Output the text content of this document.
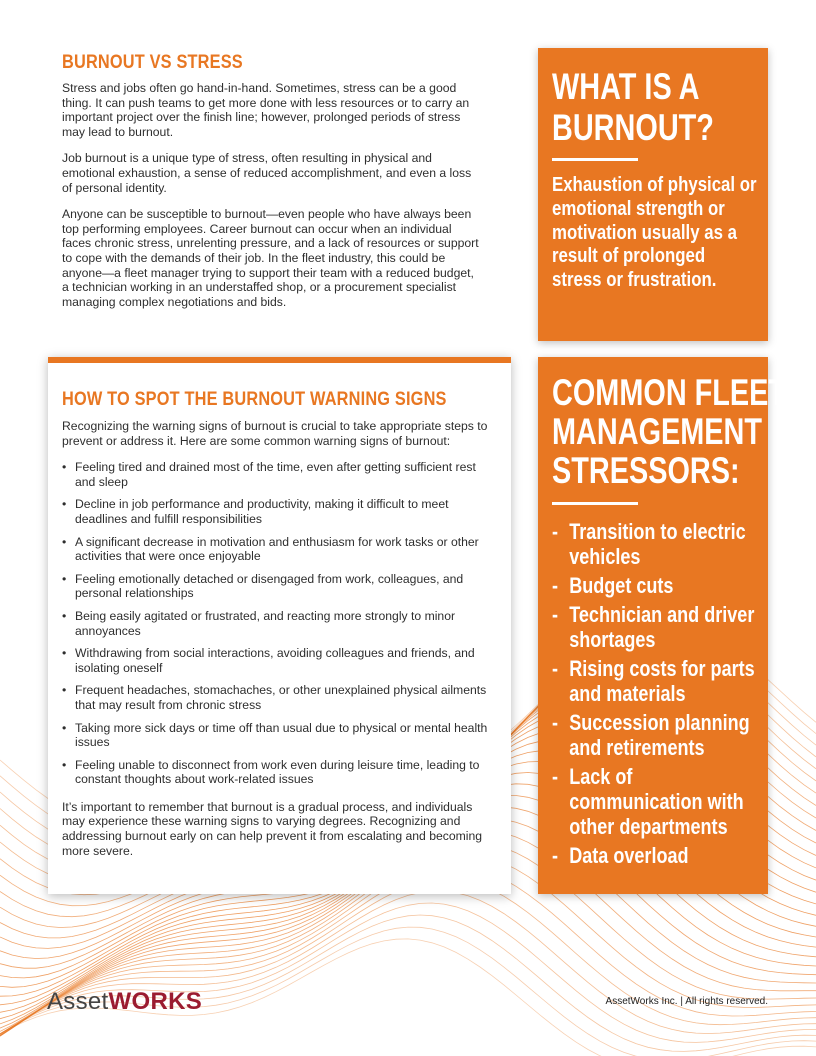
BURNOUT VS STRESS

Stress and jobs often go hand-in-hand. Sometimes, stress can be a good thing. It can push teams to get more done with less resources or to carry an important project over the finish line; however, prolonged periods of stress may lead to burnout.

Job burnout is a unique type of stress, often resulting in physical and emotional exhaustion, a sense of reduced accomplishment, and even a loss of personal identity.

Anyone can be susceptible to burnout—even people who have always been top performing employees. Career burnout can occur when an individual faces chronic stress, unrelenting pressure, and a lack of resources or support to cope with the demands of their job. In the fleet industry, this could be anyone—a fleet manager trying to support their team with a reduced budget, a technician working in an understaffed shop, or a procurement specialist managing complex negotiations and bids.

HOW TO SPOT THE BURNOUT WARNING SIGNS

Recognizing the warning signs of burnout is crucial to take appropriate steps to prevent or address it. Here are some common warning signs of burnout:

• Feeling tired and drained most of the time, even after getting sufficient rest and sleep
• Decline in job performance and productivity, making it difficult to meet deadlines and fulfill responsibilities
• A significant decrease in motivation and enthusiasm for work tasks or other activities that were once enjoyable
• Feeling emotionally detached or disengaged from work, colleagues, and personal relationships
• Being easily agitated or frustrated, and reacting more strongly to minor annoyances
• Withdrawing from social interactions, avoiding colleagues and friends, and isolating oneself
• Frequent headaches, stomachaches, or other unexplained physical ailments that may result from chronic stress
• Taking more sick days or time off than usual due to physical or mental health issues
• Feeling unable to disconnect from work even during leisure time, leading to constant thoughts about work-related issues

It’s important to remember that burnout is a gradual process, and individuals may experience these warning signs to varying degrees. Recognizing and addressing burnout early on can help prevent it from escalating and becoming more severe.

WHAT IS A
BURNOUT?

Exhaustion of physical or emotional strength or motivation usually as a result of prolonged stress or frustration.

COMMON FLEET
MANAGEMENT
STRESSORS:
- Transition to electric vehicles
- Budget cuts
- Technician and driver shortages
- Rising costs for parts and materials
- Succession planning and retirements
- Lack of communication with other departments
- Data overload
AssetWORKS	AssetWorks Inc. | All rights reserved.
